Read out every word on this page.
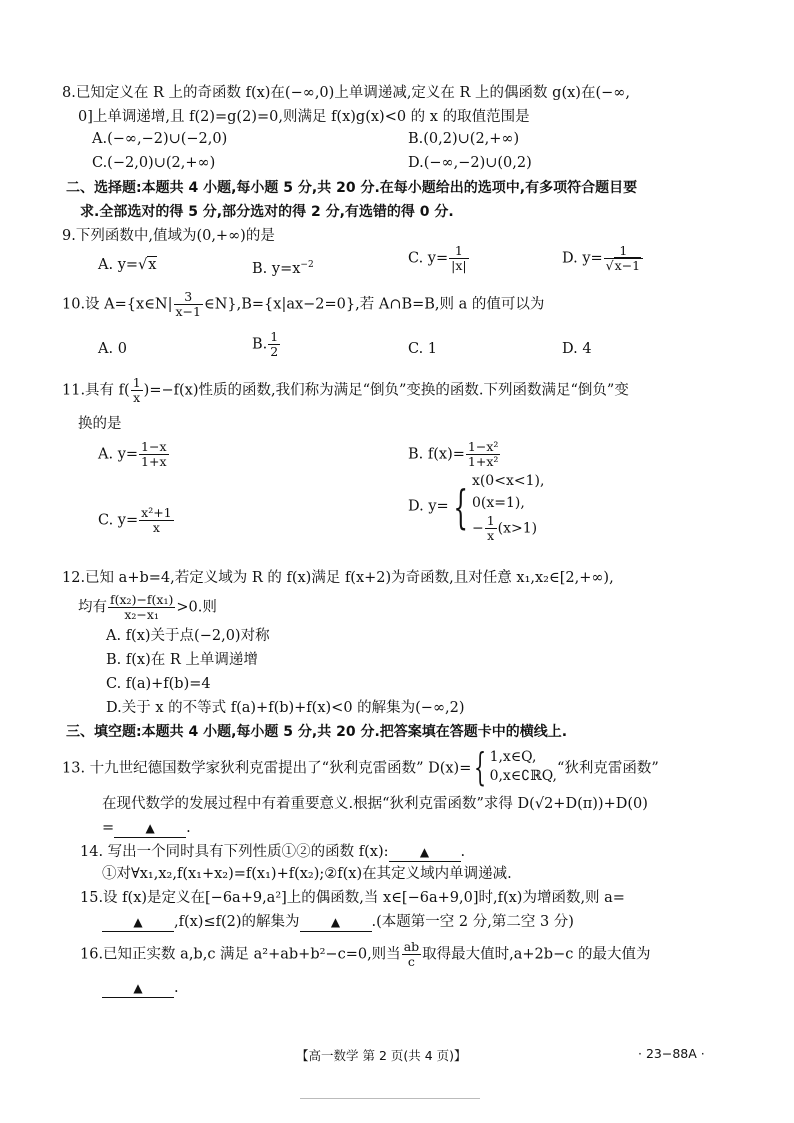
8.已知定义在 R 上的奇函数 f(x)在(−∞,0)上单调递减,定义在 R 上的偶函数 g(x)在(−∞,
0]上单调递增,且 f(2)=g(2)=0,则满足 f(x)g(x)<0 的 x 的取值范围是
A.(−∞,−2)∪(−2,0)	B.(0,2)∪(2,+∞)
C.(−2,0)∪(2,+∞)	D.(−∞,−2)∪(0,2)
二、选择题:本题共 4 小题,每小题 5 分,共 20 分.在每小题给出的选项中,有多项符合题目要
求.全部选对的得 5 分,部分选对的得 2 分,有选错的得 0 分.
9.下列函数中,值域为(0,+∞)的是
A. y=√x	B. $y=x^{-2}$	C. $y= \frac{1}{|x|}$	D. $y= \frac{1}{√x-1}$
10.设 A={x∈N| $\frac{3}{x-1}$ ∈N},B={x|ax−2=0},若 A∩B=B,则 a 的值可以为
A. 0	B. $\frac{1}{2}$	C. 1	D. 4
11.具有 $f( \frac{1}{x} )=-f(x)$性质的函数,我们称为满足“倒负”变换的函数.下列函数满足“倒负”变
换的是
A. $y= \frac{1-x}{1+x}$	B. $f(x)= \frac{\text{1−x²}}{\text{1+x²}}$
C. $y= \frac{\text{x²+1}}{x}$	D. y={ x(0<x<1),
0(x=1),
− $\frac{1}{x} (x>1)$
12.已知 a+b=4,若定义域为 R 的 f(x)满足 f(x+2)为奇函数,且对任意 x₁,x₂∈[2,+∞),
均有 $\frac{\text{f(x₂)−f(x₁)}}{\text{x₂−x₁}} >0$.则
A. f(x)关于点(−2,0)对称
B. f(x)在 R 上单调递增
C. f(a)+f(b)=4
D.关于 x 的不等式 f(a)+f(b)+f(x)<0 的解集为(−∞,2)
三、填空题:本题共 4 小题,每小题 5 分,共 20 分.把答案填在答题卡中的横线上.
13. 十九世纪德国数学家狄利克雷提出了“狄利克雷函数” D(x)={ 1,x∈Q,
0,x∈∁ℝQ, “狄利克雷函数”
在现代数学的发展过程中有着重要意义.根据“狄利克雷函数”求得 D(√2+D(π))+D(0)
=	▲ .
14. 写出一个同时具有下列性质①②的函数 f(x):	▲ .
①对∀x₁,x₂,f(x₁+x₂)=f(x₁)+f(x₂);②f(x)在其定义域内单调递减.
15.设 f(x)是定义在[−6a+9,a²]上的偶函数,当 x∈[−6a+9,0]时,f(x)为增函数,则 a=
▲ ,f(x)≤f(2)的解集为	▲ .(本题第一空 2 分,第二空 3 分)
16.已知正实数 a,b,c 满足 a²+ab+b²−c=0,则当 $\frac{ab}{c}$ 取得最大值时,a+2b−c 的最大值为
▲ .
【高一数学 第 2 页(共 4 页)】	· 23−88A ·
